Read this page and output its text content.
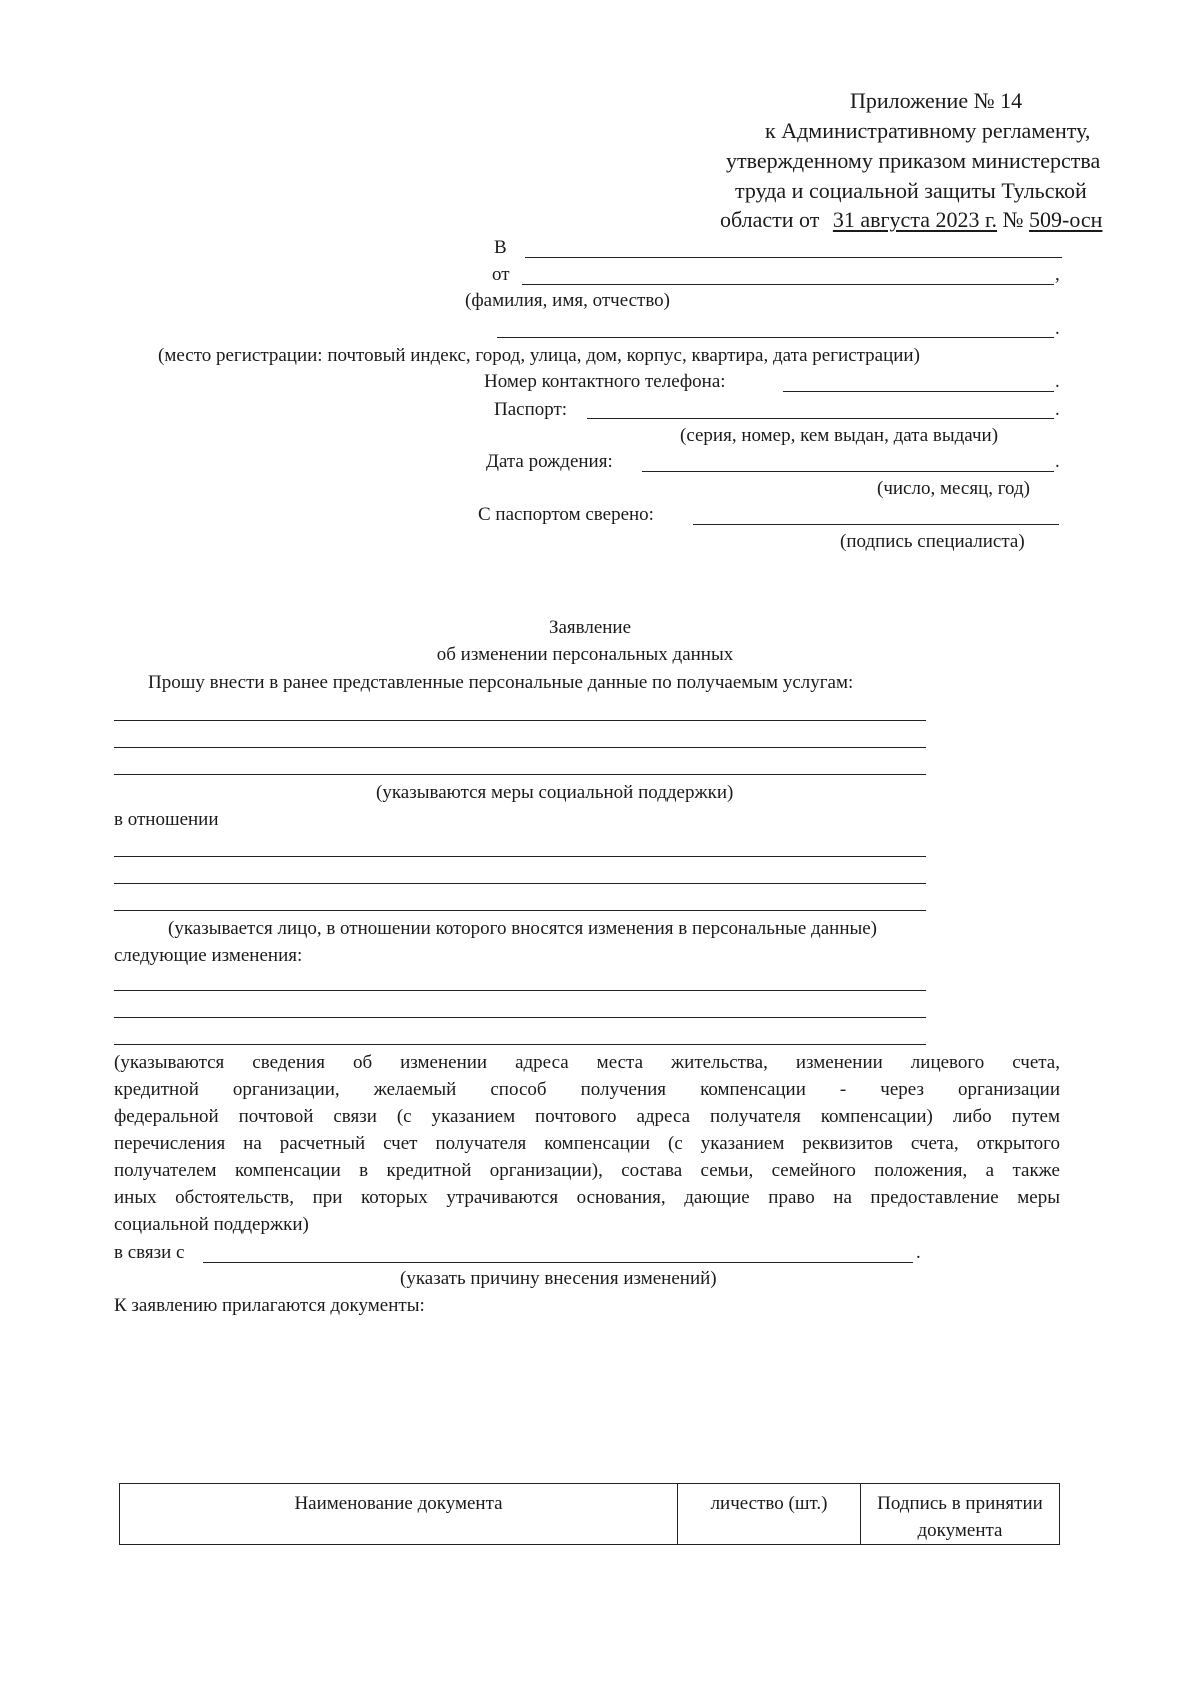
Приложение № 14
к Административному регламенту,
утвержденному приказом министерства
труда и социальной защиты Тульской
области от 31 августа 2023 г. № 509-осн
В
от	,
(фамилия, имя, отчество)
.
(место регистрации: почтовый индекс, город, улица, дом, корпус, квартира, дата регистрации)
Номер контактного телефона:	.
Паспорт:	.
(серия, номер, кем выдан, дата выдачи)
Дата рождения:	.
(число, месяц, год)
С паспортом сверено:
(подпись специалиста)
Заявление
об изменении персональных данных
Прошу внести в ранее представленные персональные данные по получаемым услугам:
(указываются меры социальной поддержки)
в отношении
(указывается лицо, в отношении которого вносятся изменения в персональные данные)
следующие изменения:
(указываются сведения об изменении адреса места жительства, изменении лицевого счета,
кредитной организации, желаемый способ получения компенсации - через организации
федеральной почтовой связи (с указанием почтового адреса получателя компенсации) либо путем
перечисления на расчетный счет получателя компенсации (с указанием реквизитов счета, открытого
получателем компенсации в кредитной организации), состава семьи, семейного положения, а также
иных обстоятельств, при которых утрачиваются основания, дающие право на предоставление меры
социальной поддержки)
в связи с	.
(указать причину внесения изменений)
К заявлению прилагаются документы:
Наименование документа	личество (шт.)	Подпись в принятии документа
